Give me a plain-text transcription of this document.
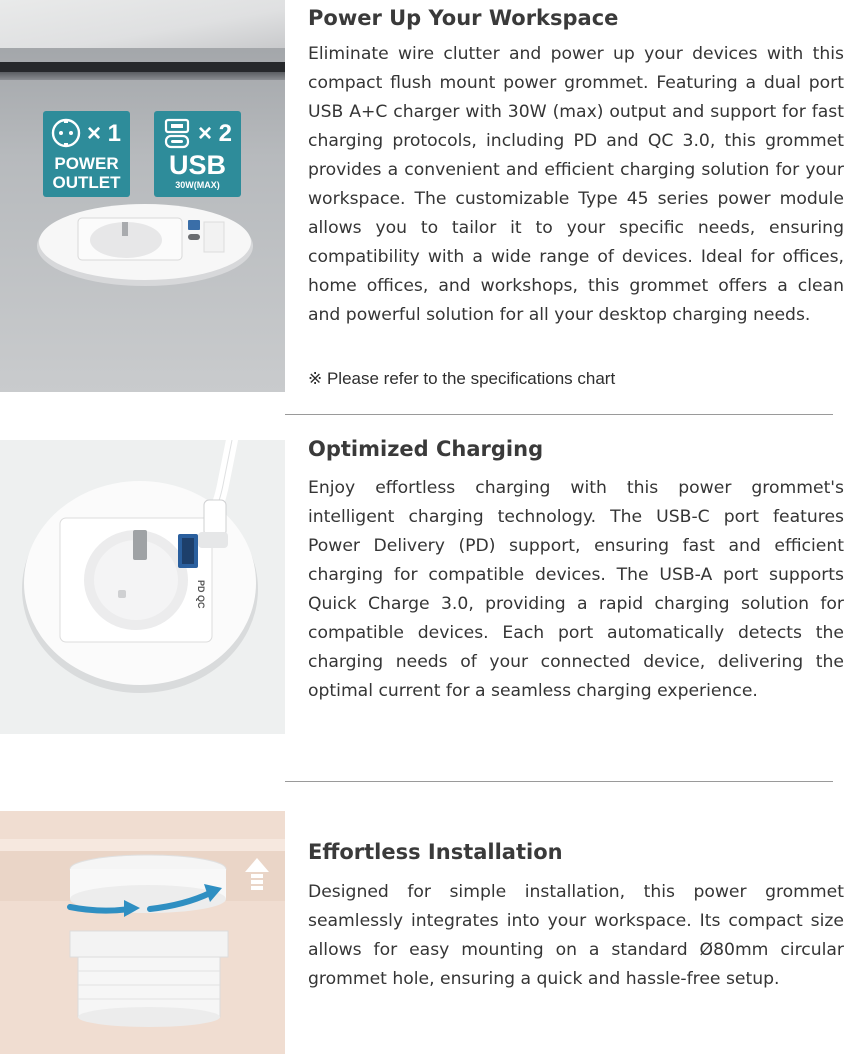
× 1
POWER
OUTLET
× 2
USB
30W(MAX)
Power Up Your Workspace
Eliminate wire clutter and power up your devices with this compact flush mount power grommet. Featuring a dual port USB A+C charger with 30W (max) output and support for fast charging protocols, including PD and QC 3.0, this grommet provides a convenient and efficient charging solution for your workspace. The customizable Type 45 series power module allows you to tailor it to your specific needs, ensuring compatibility with a wide range of devices. Ideal for offices, home offices, and workshops, this grommet offers a clean and powerful solution for all your desktop charging needs.
※ Please refer to the specifications chart
PD QC
Optimized Charging
Enjoy effortless charging with this power grommet's intelligent charging technology. The USB-C port features Power Delivery (PD) support, ensuring fast and efficient charging for compatible devices. The USB-A port supports Quick Charge 3.0, providing a rapid charging solution for compatible devices. Each port automatically detects the charging needs of your connected device, delivering the optimal current for a seamless charging experience.
Effortless Installation
Designed for simple installation, this power grommet seamlessly integrates into your workspace. Its compact size allows for easy mounting on a standard Ø80mm circular grommet hole, ensuring a quick and hassle-free setup.
